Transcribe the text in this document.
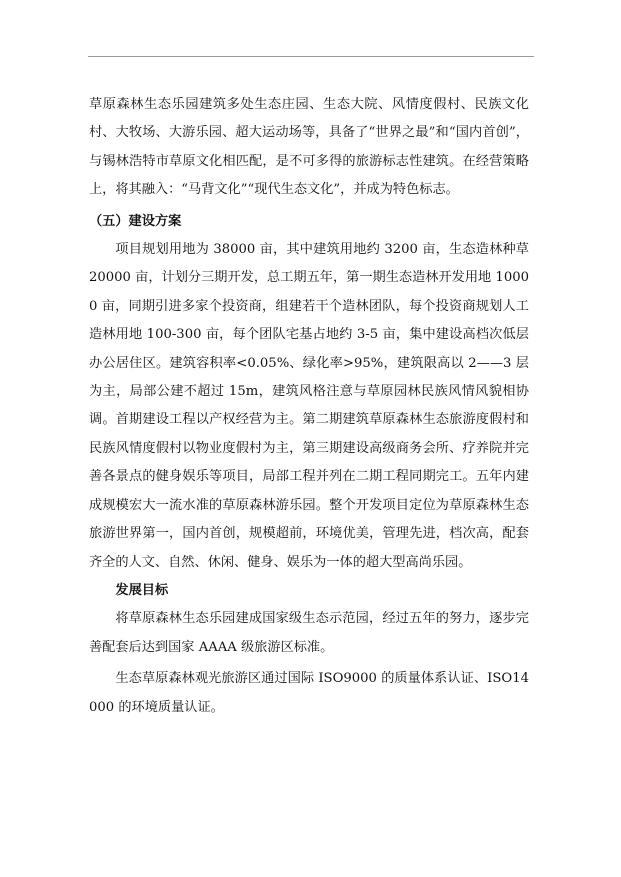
草原森林生态乐园建筑多处生态庄园、生态大院、风情度假村、民族文化村、大牧场、大游乐园、超大运动场等，具备了“世界之最”和“国内首创”，与锡林浩特市草原文化相匹配，是不可多得的旅游标志性建筑。在经营策略上，将其融入：“马背文化”“现代生态文化”，并成为特色标志。

（五）建设方案

项目规划用地为 38000 亩，其中建筑用地约 3200 亩，生态造林种草 20000 亩，计划分三期开发，总工期五年，第一期生态造林开发用地 10000 亩，同期引进多家个投资商，组建若干个造林团队，每个投资商规划人工造林用地 100-300 亩，每个团队宅基占地约 3-5 亩，集中建设高档次低层办公居住区。建筑容积率<0.05%、绿化率>95%，建筑限高以 2——3 层为主，局部公建不超过 15m，建筑风格注意与草原园林民族风情风貌相协调。首期建设工程以产权经营为主。第二期建筑草原森林生态旅游度假村和民族风情度假村以物业度假村为主，第三期建设高级商务会所、疗养院并完善各景点的健身娱乐等项目，局部工程并列在二期工程同期完工。五年内建成规模宏大一流水准的草原森林游乐园。整个开发项目定位为草原森林生态旅游世界第一，国内首创，规模超前，环境优美，管理先进，档次高，配套齐全的人文、自然、休闲、健身、娱乐为一体的超大型高尚乐园。

发展目标

将草原森林生态乐园建成国家级生态示范园，经过五年的努力，逐步完善配套后达到国家 AAAA 级旅游区标准。

生态草原森林观光旅游区通过国际 ISO9000 的质量体系认证、ISO14000 的环境质量认证。
